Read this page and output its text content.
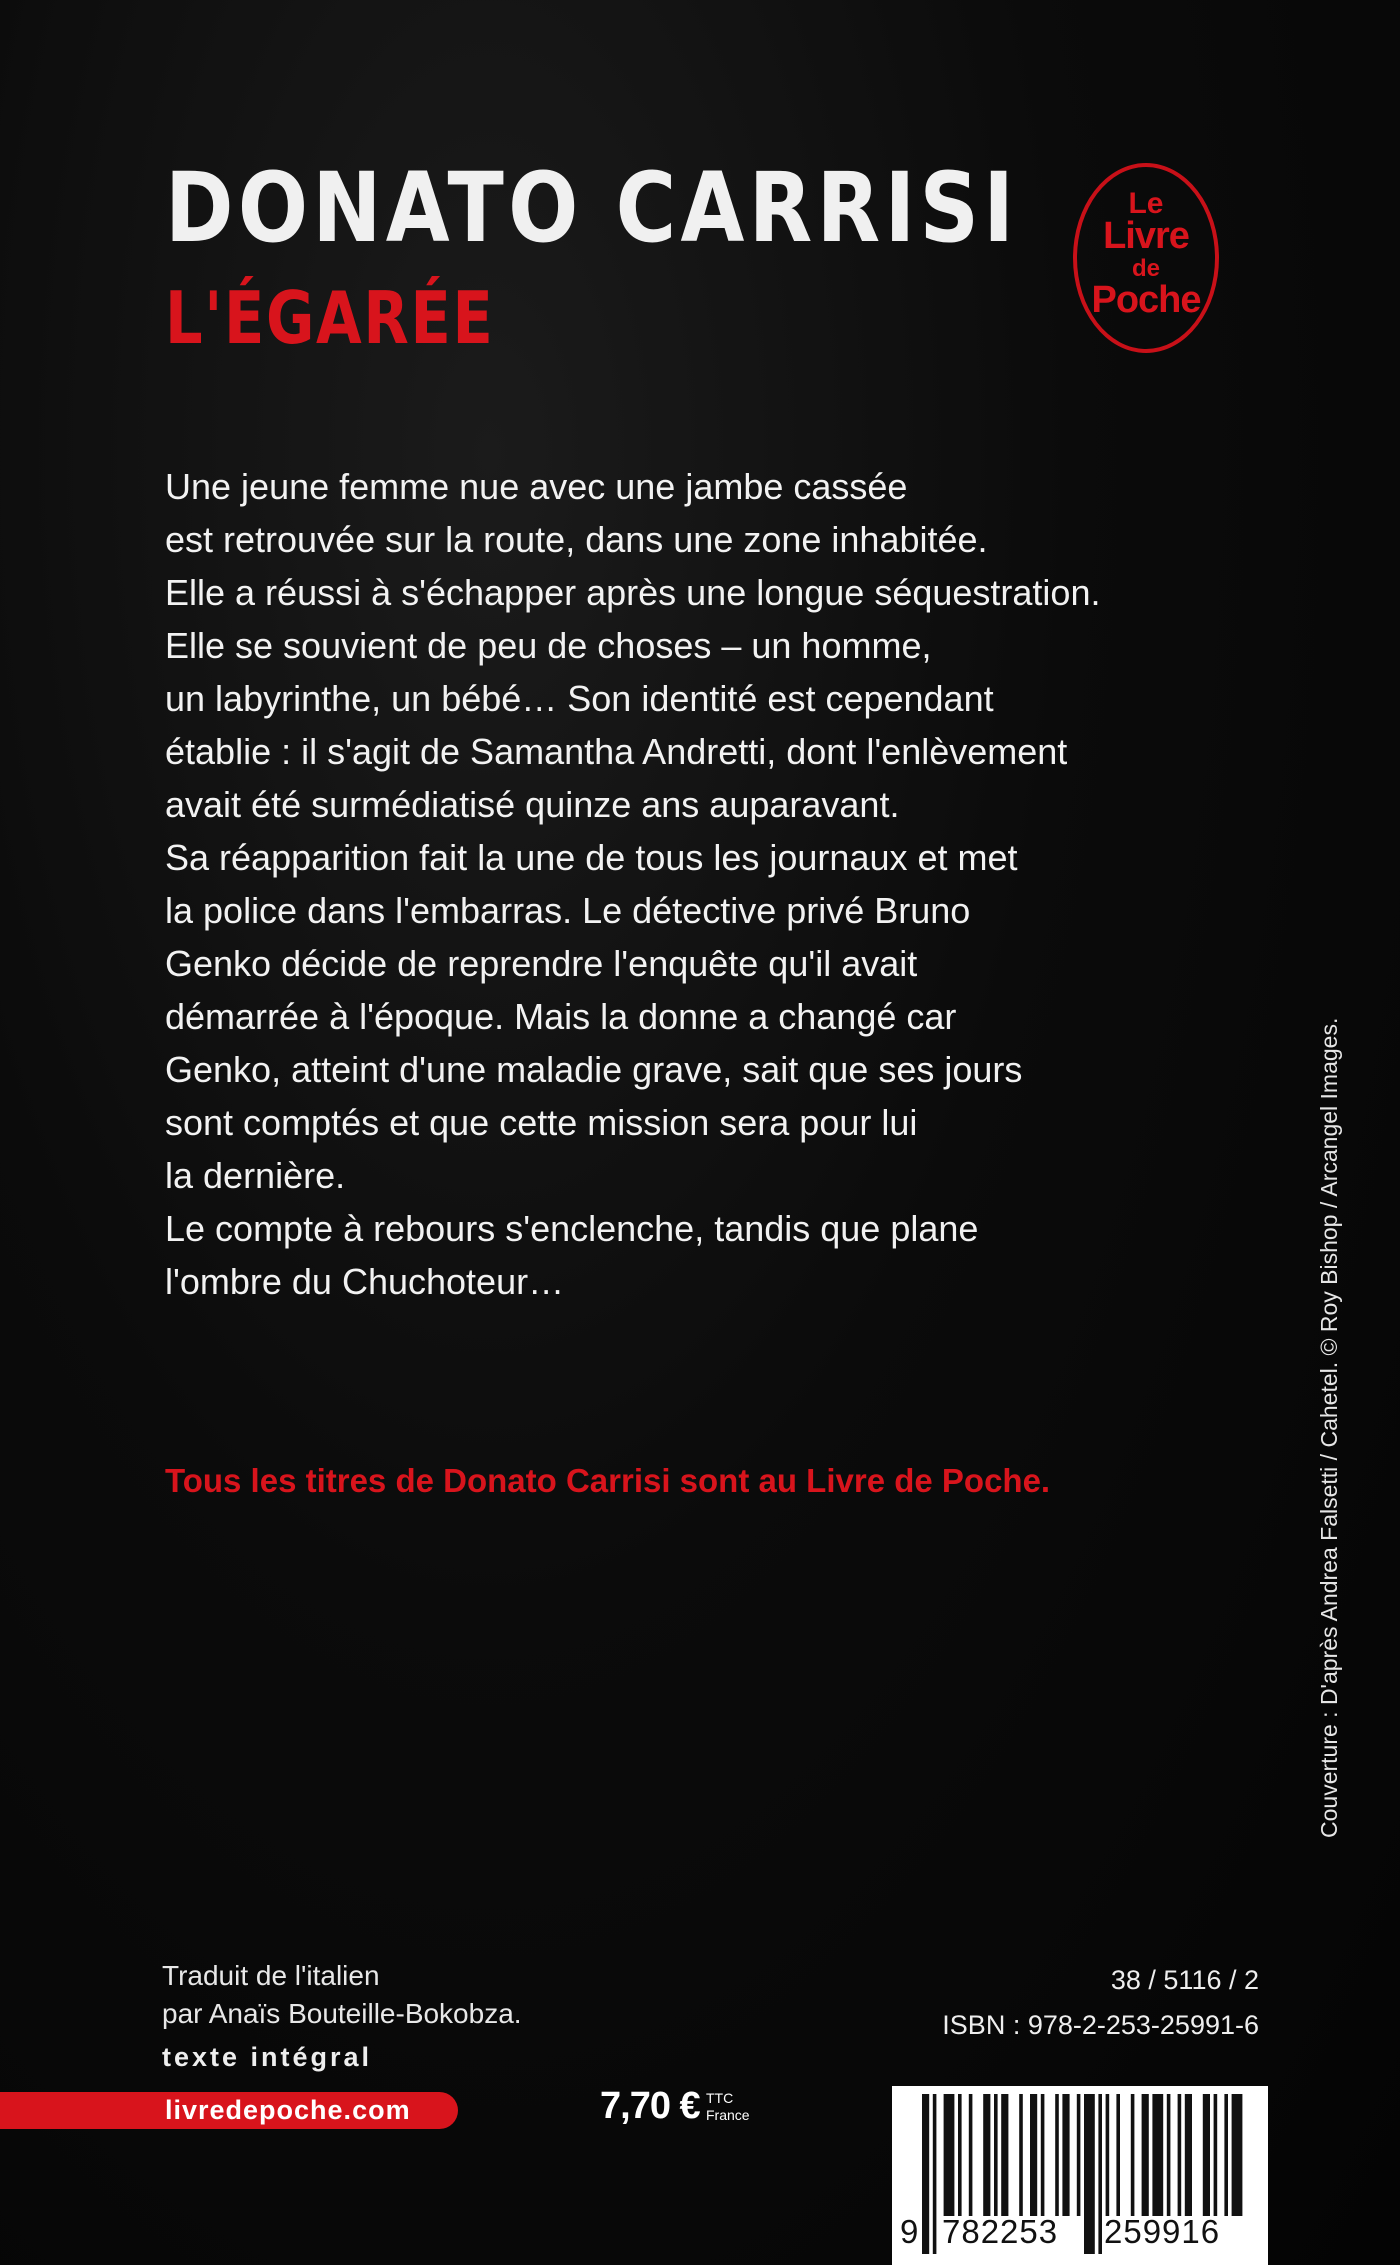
DONATO CARRISI
L'ÉGARÉE
Le
Livre
de
Poche
Une jeune femme nue avec une jambe cassée
est retrouvée sur la route, dans une zone inhabitée.
Elle a réussi à s'échapper après une longue séquestration.
Elle se souvient de peu de choses – un homme,
un labyrinthe, un bébé… Son identité est cependant
établie : il s'agit de Samantha Andretti, dont l'enlèvement
avait été surmédiatisé quinze ans auparavant.
Sa réapparition fait la une de tous les journaux et met
la police dans l'embarras. Le détective privé Bruno
Genko décide de reprendre l'enquête qu'il avait
démarrée à l'époque. Mais la donne a changé car
Genko, atteint d'une maladie grave, sait que ses jours
sont comptés et que cette mission sera pour lui
la dernière.
Le compte à rebours s'enclenche, tandis que plane
l'ombre du Chuchoteur…
Tous les titres de Donato Carrisi sont au Livre de Poche.	Couverture : D'après Andrea Falsetti / Cahetel. © Roy Bishop / Arcangel Images.
Traduit de l'italien
par Anaïs Bouteille-Bokobza.
texte intégral
livredepoche.com	7,70 € TTC
France
38 / 5116 / 2
ISBN : 978-2-253-25991-6
9 782253 259916
